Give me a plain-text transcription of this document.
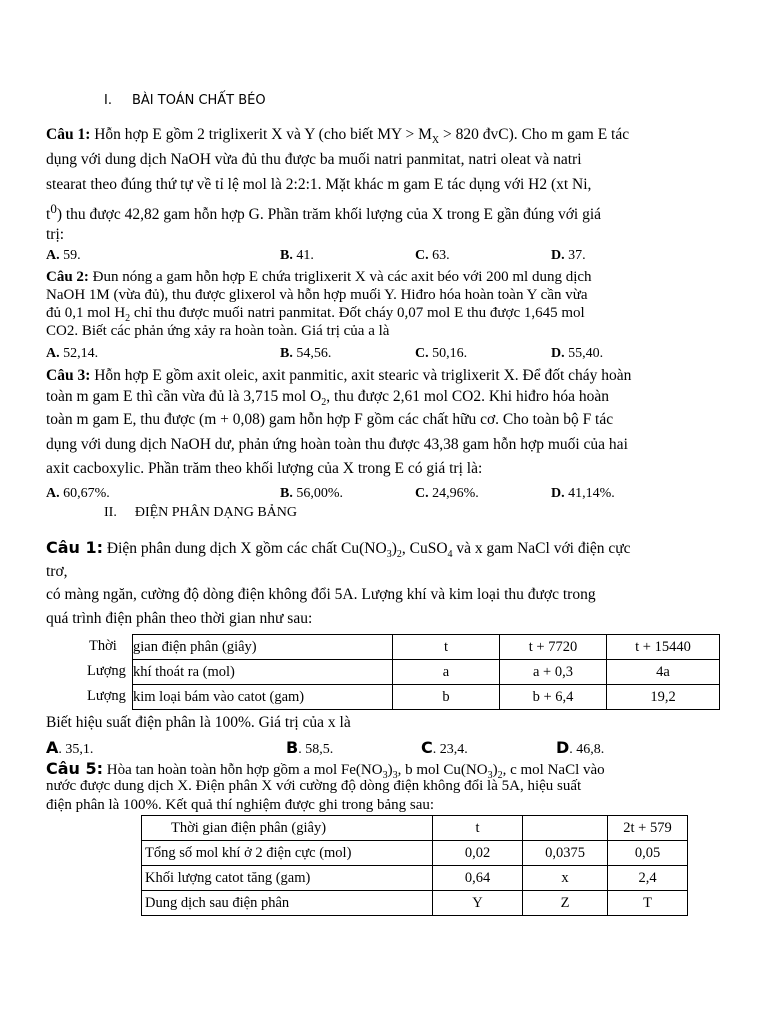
I. BÀI TOÁN CHẤT BÉO
Câu 1: Hỗn hợp E gồm 2 triglixerit X và Y (cho biết MY > $M_X > 820$ đvC). Cho m gam E tác
dụng với dung dịch NaOH vừa đủ thu được ba muối natri panmitat, natri oleat và natri
stearat theo đúng thứ tự về tỉ lệ mol là 2:2:1. Mặt khác m gam E tác dụng với H2 (xt Ni,
$t^0$) thu được 42,82 gam hỗn hợp G. Phần trăm khối lượng của X trong E gần đúng với giá
trị:
A. 59.	B. 41.	C. 63.	D. 37.
Câu 2: Đun nóng a gam hỗn hợp E chứa triglixerit X và các axit béo với 200 ml dung dịch
NaOH 1M (vừa đủ), thu được glixerol và hỗn hợp muối Y. Hiđro hóa hoàn toàn Y cần vừa
đủ 0,1 mol $H_2$ chỉ thu được muối natri panmitat. Đốt cháy 0,07 mol E thu được 1,645 mol
CO2. Biết các phản ứng xảy ra hoàn toàn. Giá trị của a là
A. 52,14.	B. 54,56.	C. 50,16.	D. 55,40.
Câu 3: Hỗn hợp E gồm axit oleic, axit panmitic, axit stearic và triglixerit X. Để đốt cháy hoàn
toàn m gam E thì cần vừa đủ là 3,715 mol $O_2$, thu được 2,61 mol CO2. Khi hiđro hóa hoàn
toàn m gam E, thu được (m + 0,08) gam hỗn hợp F gồm các chất hữu cơ. Cho toàn bộ F tác
dụng với dung dịch NaOH dư, phản ứng hoàn toàn thu được 43,38 gam hỗn hợp muối của hai
axit cacboxylic. Phần trăm theo khối lượng của X trong E có giá trị là:
A. 60,67%.	B. 56,00%.	C. 24,96%.	D. 41,14%.
II. ĐIỆN PHÂN DẠNG BẢNG
Câu 1: Điện phân dung dịch X gồm các chất $Cu(NO_3)_2$, CuSO$_4$ và x gam NaCl với điện cực
trơ,
có màng ngăn, cường độ dòng điện không đổi 5A. Lượng khí và kim loại thu được trong
quá trình điện phân theo thời gian như sau:
Thời gian điện phân (giây)	t	t + 7720	t + 15440

Lượng khí thoát ra (mol)	a	a + 0,3	4a

Lượng kim loại bám vào catot (gam)	b	b + 6,4	19,2
Biết hiệu suất điện phân là 100%. Giá trị của x là
A. 35,1.	B. 58,5.	C. 23,4.	D. 46,8.
Câu 5: Hòa tan hoàn toàn hỗn hợp gồm a mol $Fe(NO_3)_3$, b mol $Cu(NO_3)_2$, c mol NaCl vào
nước được dung dịch X. Điện phân X với cường độ dòng điện không đổi là 5A, hiệu suất
điện phân là 100%. Kết quả thí nghiệm được ghi trong bảng sau:
Thời gian điện phân (giây)	t		2t + 579
Tổng số mol khí ở 2 điện cực (mol)	0,02	0,0375	0,05
Khối lượng catot tăng (gam)	0,64	x	2,4
Dung dịch sau điện phân	Y	Z	T
